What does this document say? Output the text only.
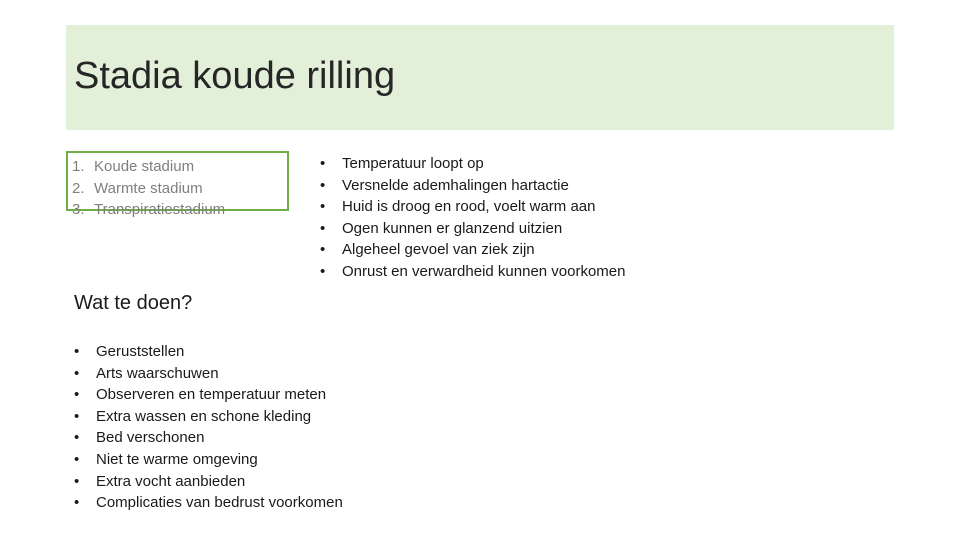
Stadia koude rilling
1. Koude stadium
2. Warmte stadium
3. Transpiratiestadium
•	Temperatuur loopt op
•	Versnelde ademhalingen hartactie
•	Huid is droog en rood, voelt warm aan
•	Ogen kunnen er glanzend uitzien
•	Algeheel gevoel van ziek zijn
•	Onrust en verwardheid kunnen voorkomen
Wat te doen?
•	Geruststellen
•	Arts waarschuwen
•	Observeren en temperatuur meten
•	Extra wassen en schone kleding
•	Bed verschonen
•	Niet te warme omgeving
•	Extra vocht aanbieden
•	Complicaties van bedrust voorkomen
